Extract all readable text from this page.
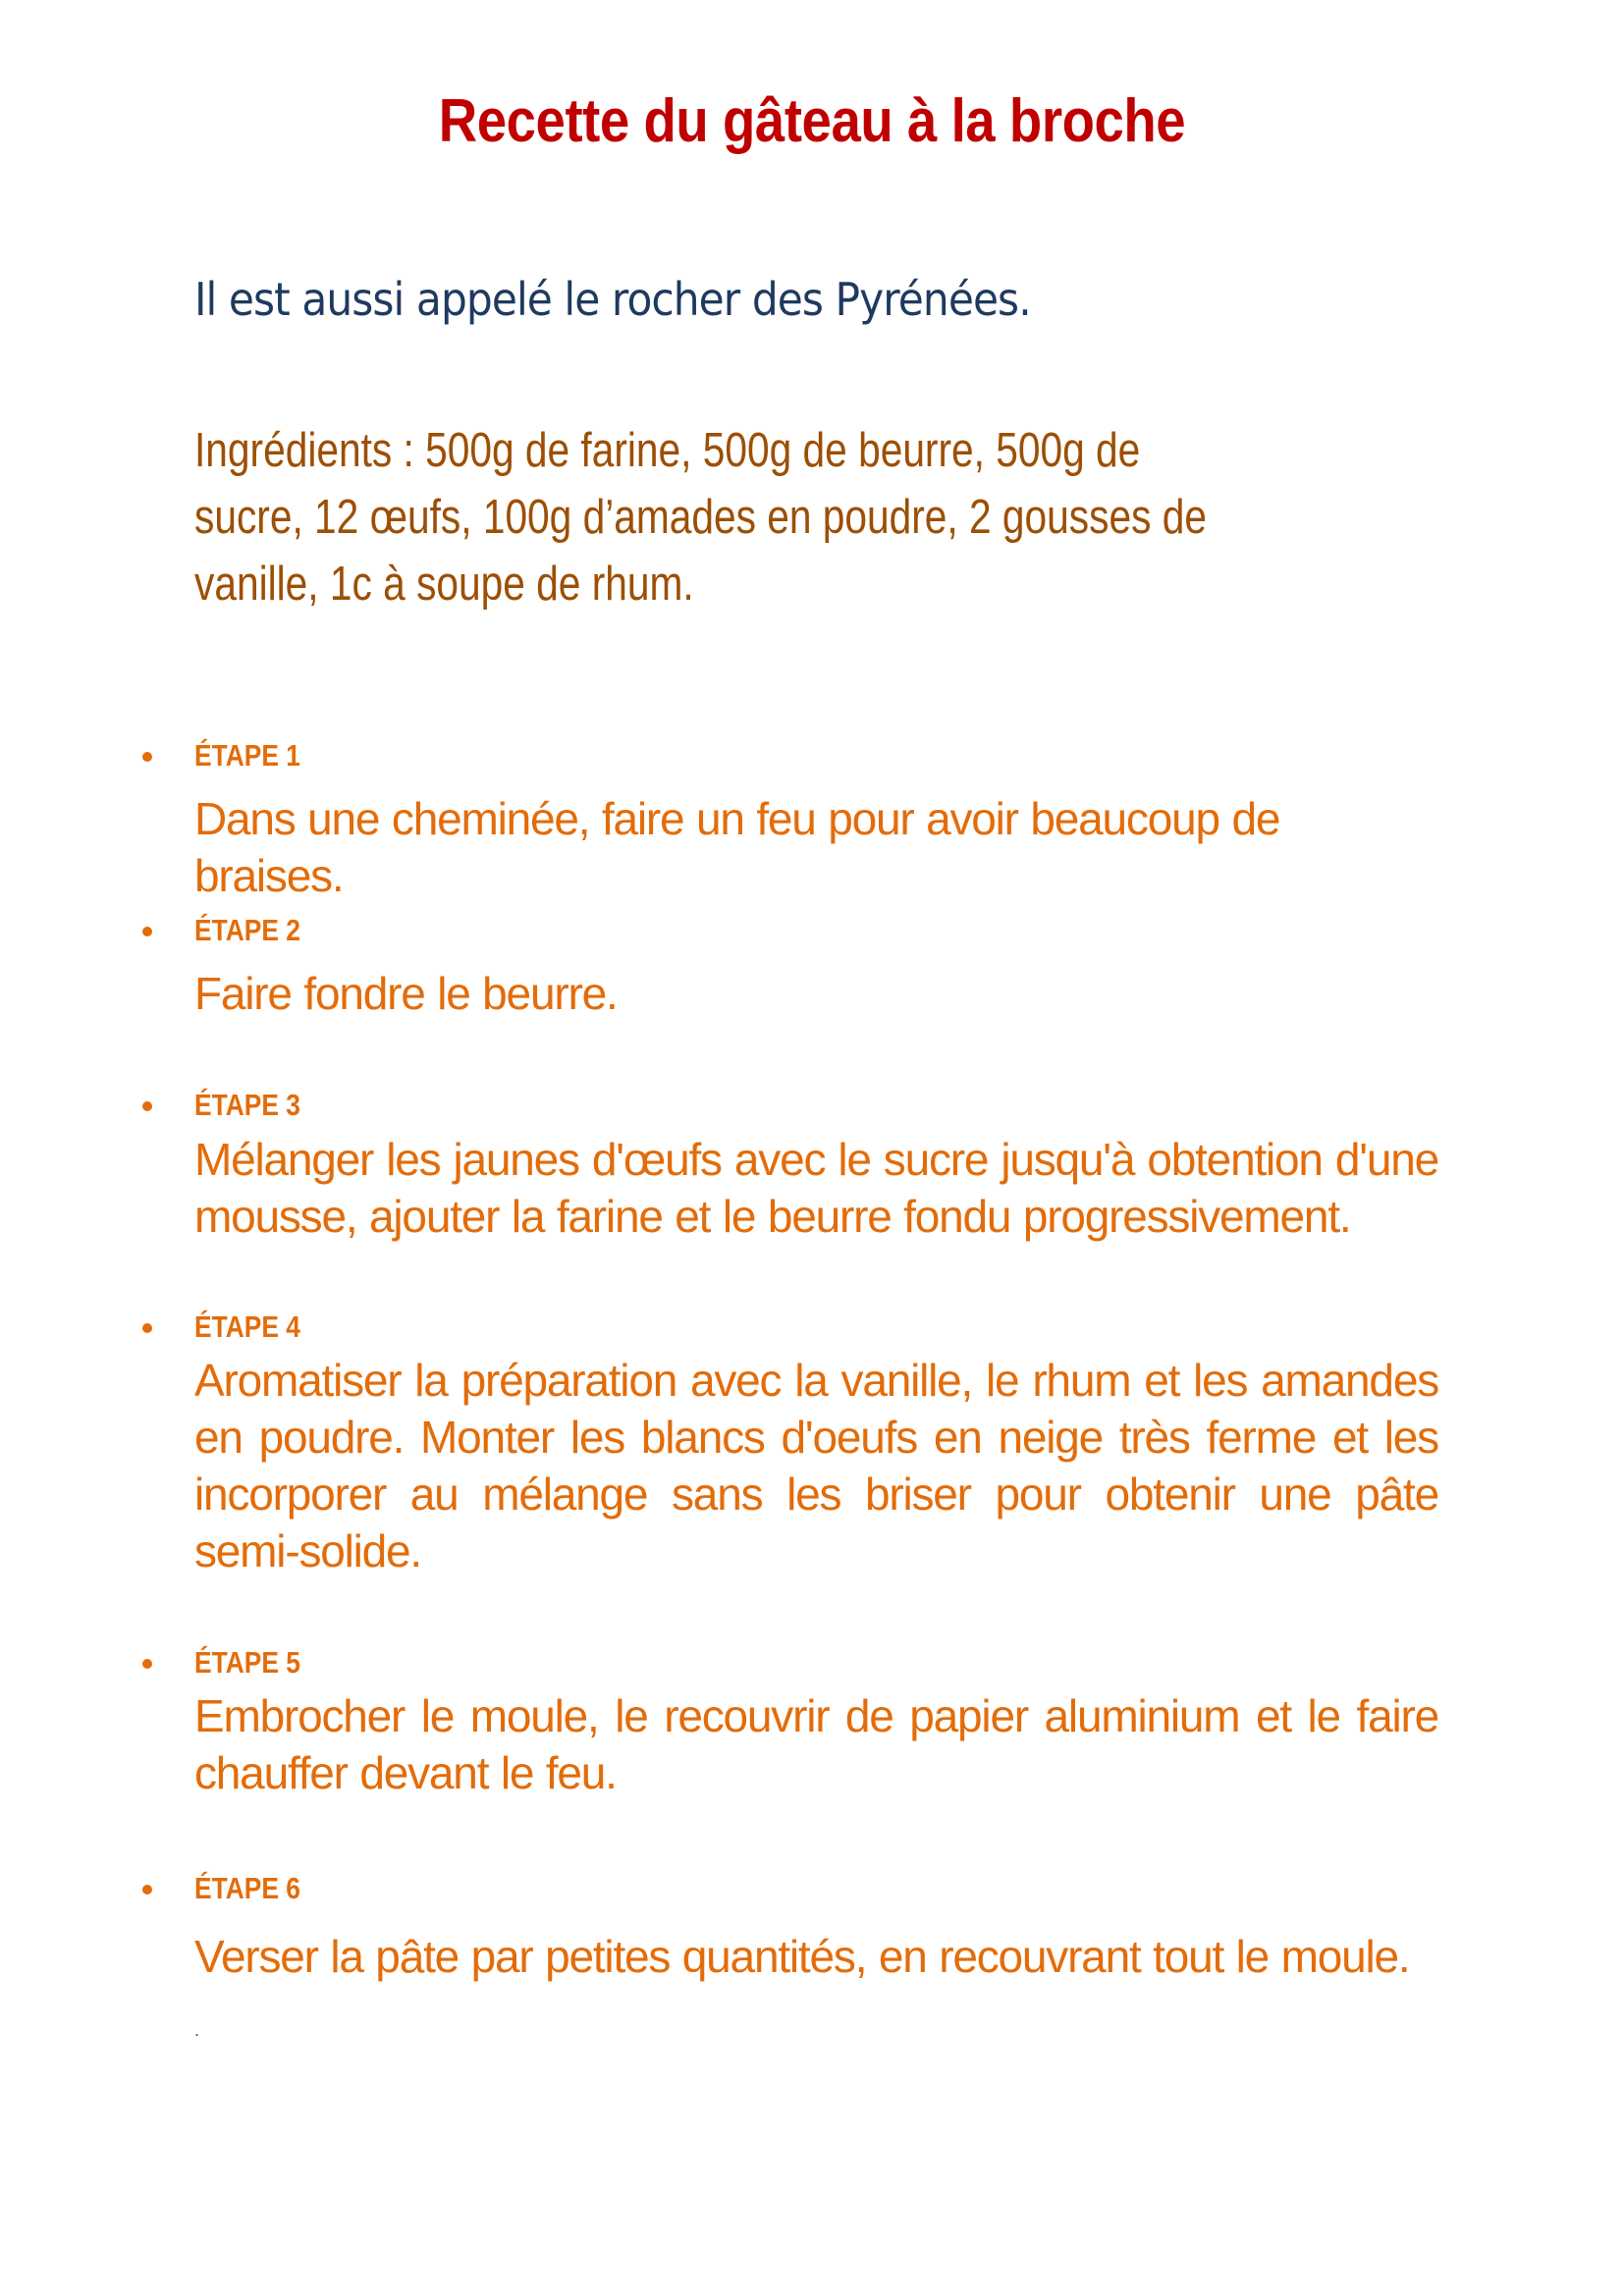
Recette du gâteau à la broche

Il est aussi appelé le rocher des Pyrénées.

Ingrédients : 500g de farine, 500g de beurre, 500g de sucre, 12 œufs, 100g d’amades en poudre, 2 gousses de vanille, 1c à soupe de rhum.

ÉTAPE 1
Dans une cheminée, faire un feu pour avoir beaucoup de braises.
ÉTAPE 2
Faire fondre le beurre.
ÉTAPE 3
Mélanger les jaunes d'œufs avec le sucre jusqu'à obtention d'une mousse, ajouter la farine et le beurre fondu progressivement.
ÉTAPE 4
Aromatiser la préparation avec la vanille, le rhum et les amandes en poudre. Monter les blancs d'oeufs en neige très ferme et les incorporer au mélange sans les briser pour obtenir une pâte semi-solide.
ÉTAPE 5
Embrocher le moule, le recouvrir de papier aluminium et le faire chauffer devant le feu.
ÉTAPE 6
Verser la pâte par petites quantités, en recouvrant tout le moule.
.
